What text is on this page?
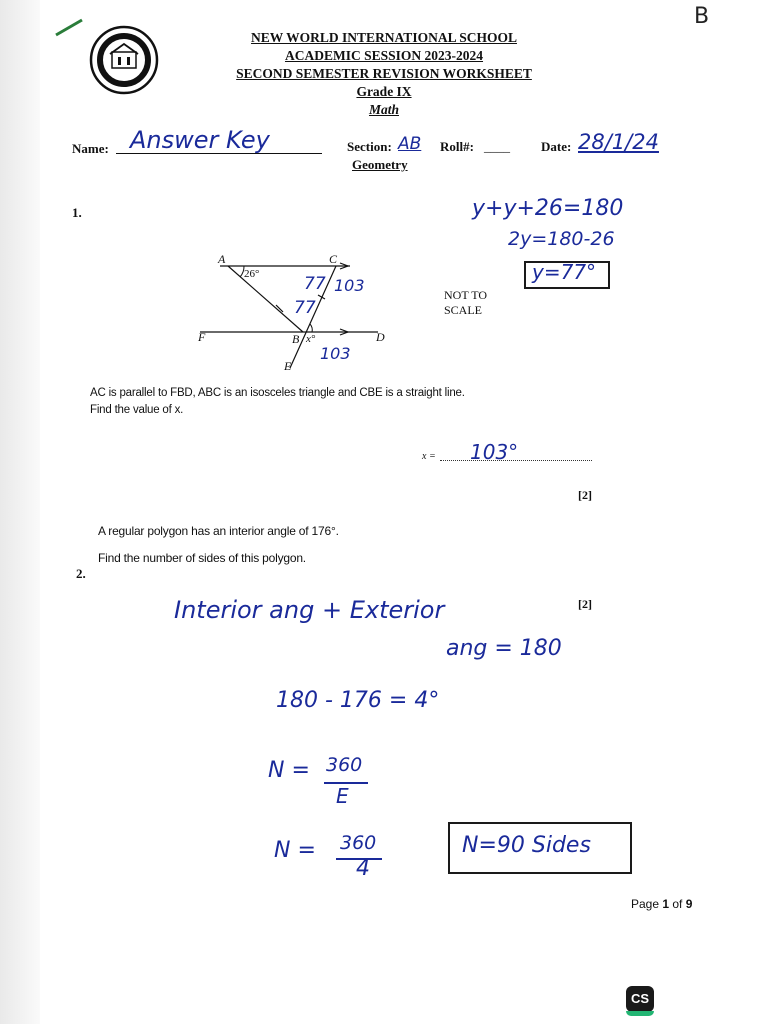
B
NEW WORLD INTERNATIONAL SCHOOL
ACADEMIC SESSION 2023-2024
SECOND SEMESTER REVISION WORKSHEET
Grade IX
Math
Name: Answer Key	Section: AB Roll#: ____ Date: 28/1/24
Geometry
1.	y+y+26=180
2y=180-26
y=77°
A	C
F	B	D
E
26°
x°
77 103
77
103
NOT TO
SCALE
AC is parallel to FBD, ABC is an isosceles triangle and CBE is a straight line.
Find the value of x.
x = 103°
[2]
A regular polygon has an interior angle of 176°.
Find the number of sides of this polygon.
2.
[2]
Interior ang + Exterior
ang = 180
180 - 176 = 4°
N = 360
E
N = 360
4
N=90 Sides
Page 1 of 9
CS
